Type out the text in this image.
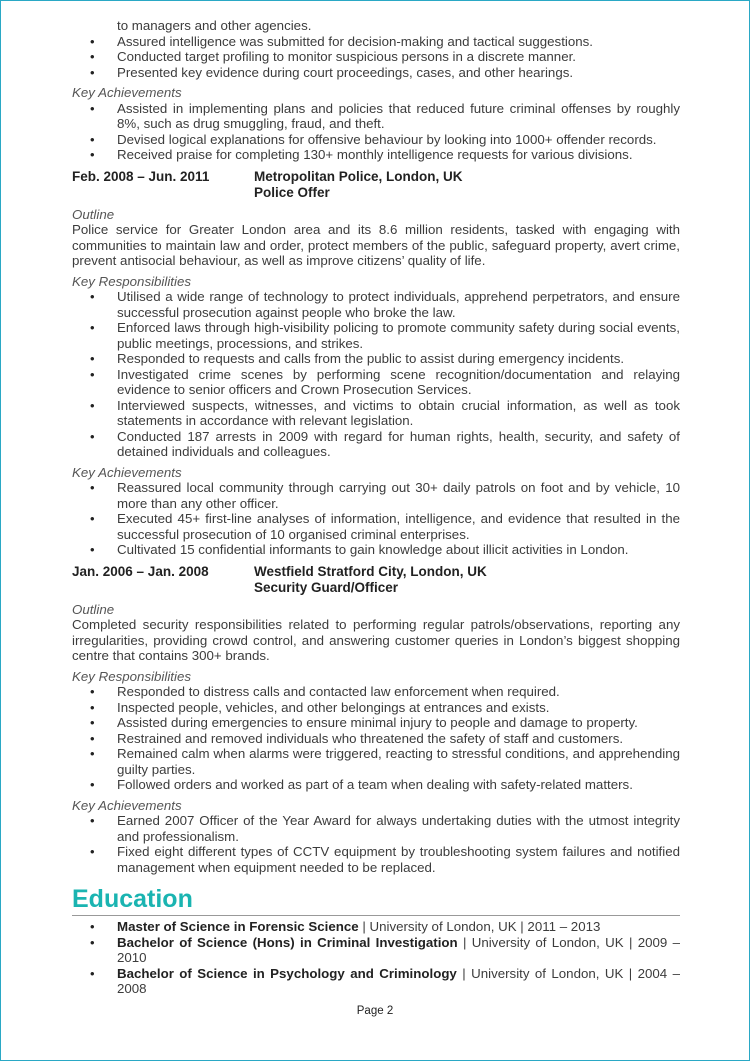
to managers and other agencies.
• Assured intelligence was submitted for decision-making and tactical suggestions.
• Conducted target profiling to monitor suspicious persons in a discrete manner.
• Presented key evidence during court proceedings, cases, and other hearings.
Key Achievements
• Assisted in implementing plans and policies that reduced future criminal offenses by roughly 8%, such as drug smuggling, fraud, and theft.
• Devised logical explanations for offensive behaviour by looking into 1000+ offender records.
• Received praise for completing 130+ monthly intelligence requests for various divisions.
Feb. 2008 – Jun. 2011	Metropolitan Police, London, UK
Police Offer
Outline
Police service for Greater London area and its 8.6 million residents, tasked with engaging with communities to maintain law and order, protect members of the public, safeguard property, avert crime, prevent antisocial behaviour, as well as improve citizens’ quality of life.
Key Responsibilities
• Utilised a wide range of technology to protect individuals, apprehend perpetrators, and ensure successful prosecution against people who broke the law.
• Enforced laws through high-visibility policing to promote community safety during social events, public meetings, processions, and strikes.
• Responded to requests and calls from the public to assist during emergency incidents.
• Investigated crime scenes by performing scene recognition/documentation and relaying evidence to senior officers and Crown Prosecution Services.
• Interviewed suspects, witnesses, and victims to obtain crucial information, as well as took statements in accordance with relevant legislation.
• Conducted 187 arrests in 2009 with regard for human rights, health, security, and safety of detained individuals and colleagues.
Key Achievements
• Reassured local community through carrying out 30+ daily patrols on foot and by vehicle, 10 more than any other officer.
• Executed 45+ first-line analyses of information, intelligence, and evidence that resulted in the successful prosecution of 10 organised criminal enterprises.
• Cultivated 15 confidential informants to gain knowledge about illicit activities in London.
Jan. 2006 – Jan. 2008	Westfield Stratford City, London, UK
Security Guard/Officer
Outline
Completed security responsibilities related to performing regular patrols/observations, reporting any irregularities, providing crowd control, and answering customer queries in London’s biggest shopping centre that contains 300+ brands.
Key Responsibilities
• Responded to distress calls and contacted law enforcement when required.
• Inspected people, vehicles, and other belongings at entrances and exists.
• Assisted during emergencies to ensure minimal injury to people and damage to property.
• Restrained and removed individuals who threatened the safety of staff and customers.
• Remained calm when alarms were triggered, reacting to stressful conditions, and apprehending guilty parties.
• Followed orders and worked as part of a team when dealing with safety-related matters.
Key Achievements
• Earned 2007 Officer of the Year Award for always undertaking duties with the utmost integrity and professionalism.
• Fixed eight different types of CCTV equipment by troubleshooting system failures and notified management when equipment needed to be replaced.
Education
• Master of Science in Forensic Science | University of London, UK | 2011 – 2013
• Bachelor of Science (Hons) in Criminal Investigation | University of London, UK | 2009 – 2010
• Bachelor of Science in Psychology and Criminology | University of London, UK | 2004 – 2008
Page 2
